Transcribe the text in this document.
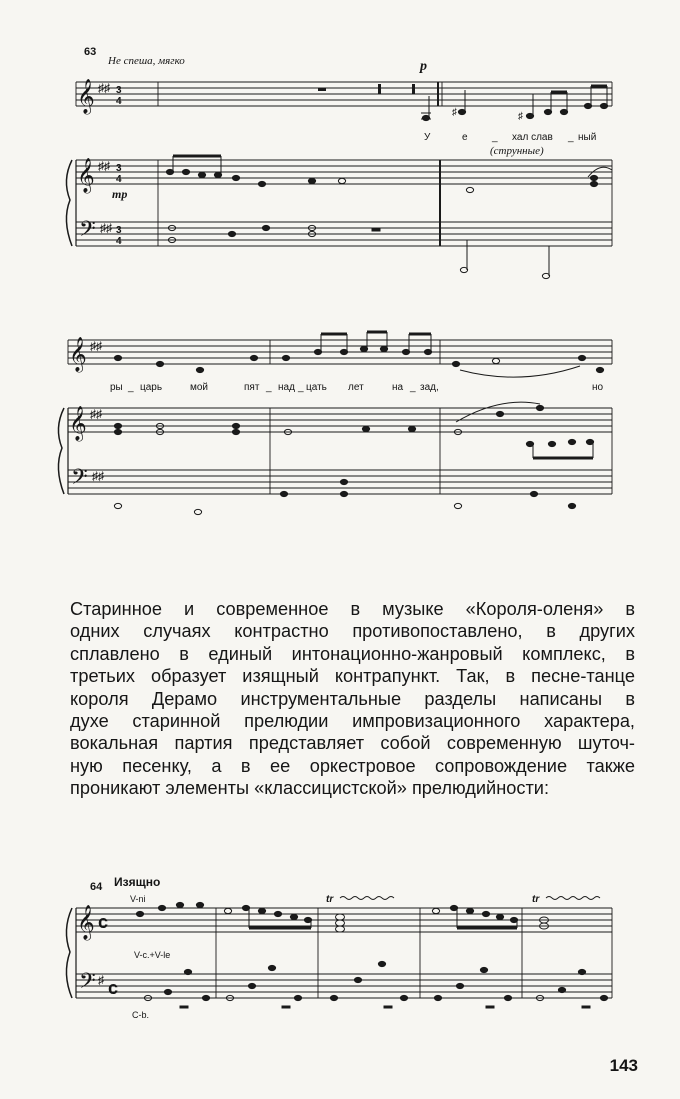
63
Не спеша, мягко	p
𝄞 ♯♯ 3
4
♯	♯
У	е _ хал слав _ ный
(струнные)
𝄞 ♯♯ 3
4
mp
𝄢 ♯♯ 3
4
𝄞 ♯♯
ры _ царь	мой	пят _ над _ цать лет	на _ зад,	но
𝄞 ♯♯
𝄢 ♯♯

Старинное и современное в музыке «Короля-оленя» в
одних случаях контрастно противопоставлено, в других
сплавлено в единый интонационно-жанровый комплекс, в
третьих образует изящный контрапункт. Так, в песне-танце
короля Дерамо инструментальные разделы написаны в
духе старинной прелюдии импровизационного характера,
вокальная партия представляет собой современную шуточ-
ную песенку, а в ее оркестровое сопровождение также
проникают элементы «классицистской» прелюдийности:

64 Изящно
V-ni	tr	tr
𝄞 c
𝄢 ♯ c
V-c.+V-le
C-b.
143
